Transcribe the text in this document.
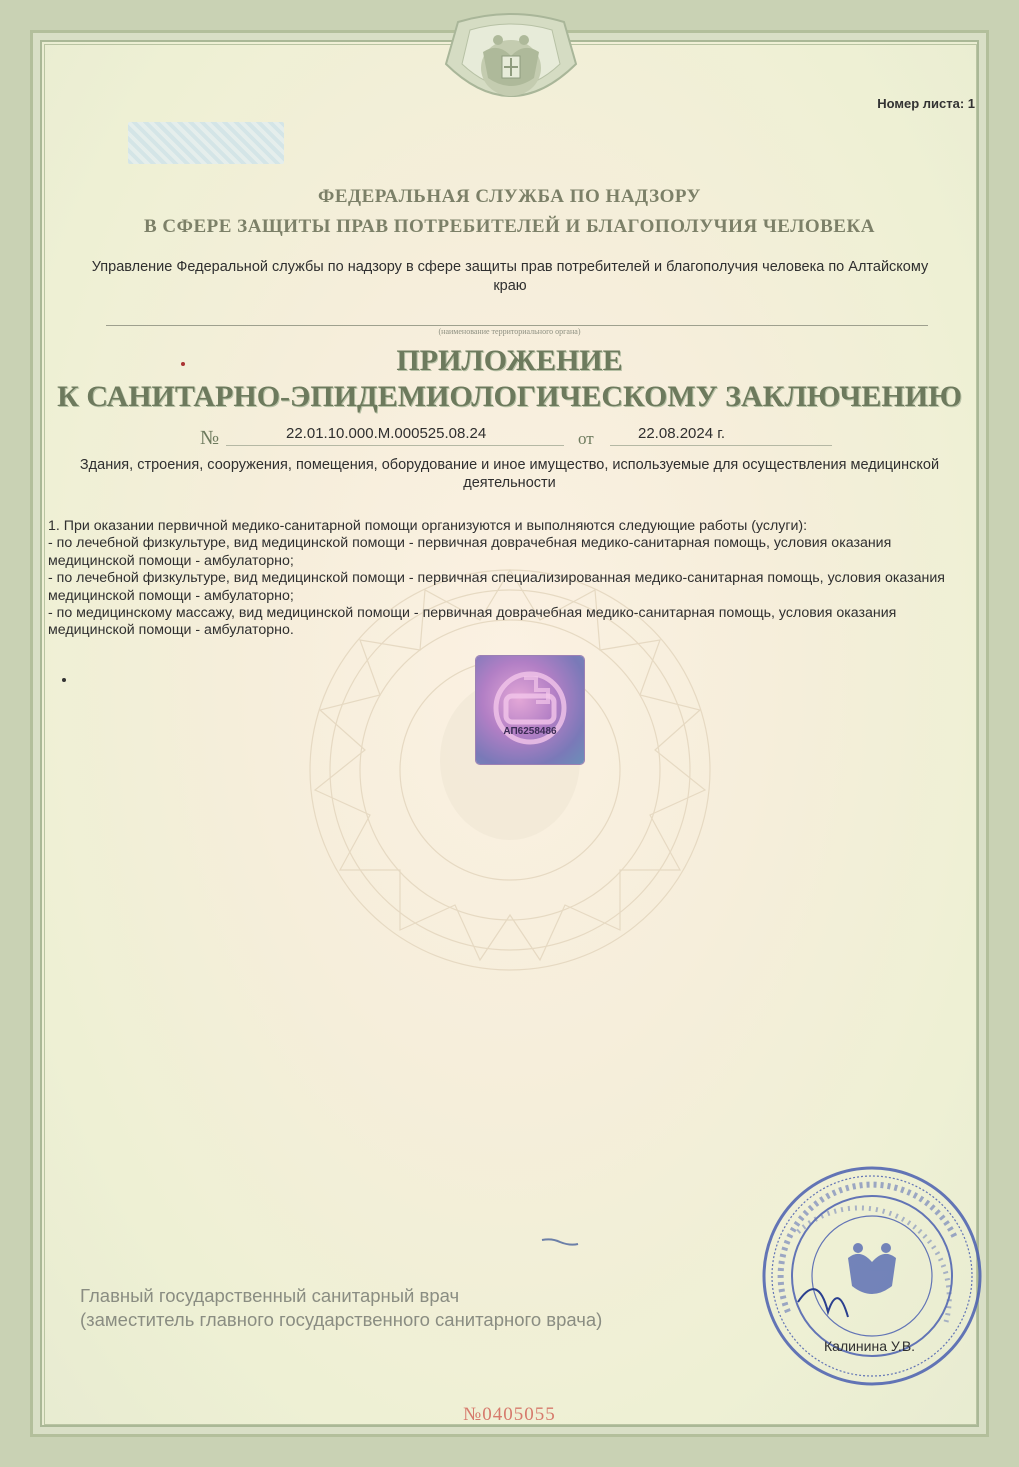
Номер листа: 1
ФЕДЕРАЛЬНАЯ СЛУЖБА ПО НАДЗОРУ
В СФЕРЕ ЗАЩИТЫ ПРАВ ПОТРЕБИТЕЛЕЙ И БЛАГОПОЛУЧИЯ ЧЕЛОВЕКА
Управление Федеральной службы по надзору в сфере защиты прав потребителей и благополучия человека по Алтайскому краю
(наименование территориального органа)
ПРИЛОЖЕНИЕ
К САНИТАРНО-ЭПИДЕМИОЛОГИЧЕСКОМУ ЗАКЛЮЧЕНИЮ
№	22.01.10.000.М.000525.08.24	от	22.08.2024 г.
Здания, строения, сооружения, помещения, оборудование и иное имущество, используемые для осуществления медицинской деятельности

1. При оказании первичной медико-санитарной помощи организуются и выполняются следующие работы (услуги):

- по лечебной физкультуре, вид медицинской помощи - первичная доврачебная медико-санитарная помощь, условия оказания медицинской помощи - амбулаторно;

- по лечебной физкультуре, вид медицинской помощи - первичная специализированная медико-санитарная помощь, условия оказания медицинской помощи - амбулаторно;

- по медицинскому массажу, вид медицинской помощи - первичная доврачебная медико-санитарная помощь, условия оказания медицинской помощи - амбулаторно.

АП6258486
Главный государственный санитарный врач
(заместитель главного государственного санитарного врача)
Калинина У.В.
№0405055
